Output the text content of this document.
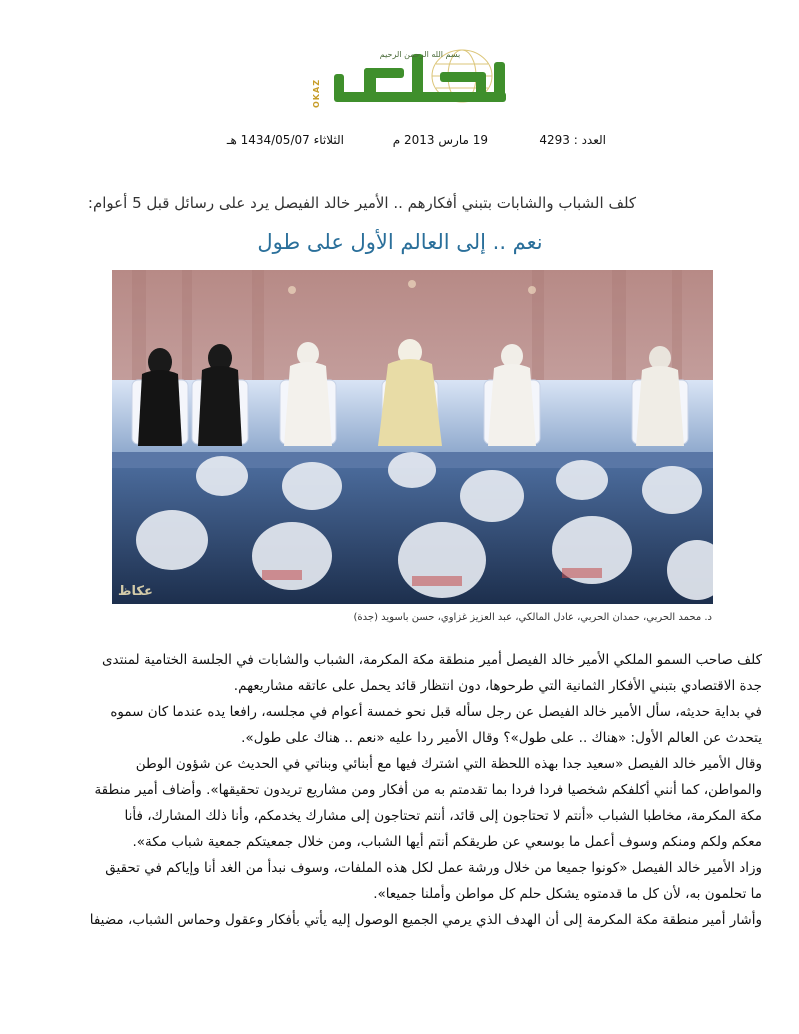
بسم الله الرحمن الرحيم
OKAZ
العدد : 4293
19 مارس 2013 م
الثلاثاء 1434/05/07 هـ
كلف الشباب والشابات بتبني أفكارهم .. الأمير خالد الفيصل يرد على رسائل قبل 5 أعوام:
نعم .. إلى العالم الأول على طول
عكاظ
د. محمد الحربي، حمدان الحربي، عادل المالكي، عبد العزيز غزاوي، حسن باسويد (جدة)
كلف صاحب السمو الملكي الأمير خالد الفيصل أمير منطقة مكة المكرمة، الشباب والشابات في الجلسة الختامية لمنتدى
جدة الاقتصادي بتبني الأفكار الثمانية التي طرحوها، دون انتظار قائد يحمل على عاتقه مشاريعهم.
في بداية حديثه، سأل الأمير خالد الفيصل عن رجل سأله قبل نحو خمسة أعوام في مجلسه، رافعا يده عندما كان سموه
يتحدث عن العالم الأول: «هناك .. على طول»؟ وقال الأمير ردا عليه «نعم .. هناك على طول».
وقال الأمير خالد الفيصل «سعيد جدا بهذه اللحظة التي اشترك فيها مع أبنائي وبناتي في الحديث عن شؤون الوطن
والمواطن، كما أنني أكلفكم شخصيا فردا فردا بما تقدمتم به من أفكار ومن مشاريع تريدون تحقيقها». وأضاف أمير منطقة
مكة المكرمة، مخاطبا الشباب «أنتم لا تحتاجون إلى قائد، أنتم تحتاجون إلى مشارك يخدمكم، وأنا ذلك المشارك، فأنا
معكم ولكم ومنكم وسوف أعمل ما بوسعي عن طريقكم أنتم أيها الشباب، ومن خلال جمعيتكم جمعية شباب مكة».
وزاد الأمير خالد الفيصل «كونوا جميعا من خلال ورشة عمل لكل هذه الملفات، وسوف نبدأ من الغد أنا وإياكم في تحقيق
ما تحلمون به، لأن كل ما قدمتوه يشكل حلم كل مواطن وأملنا جميعا».
وأشار أمير منطقة مكة المكرمة إلى أن الهدف الذي يرمي الجميع الوصول إليه يأتي بأفكار وعقول وحماس الشباب، مضيفا
